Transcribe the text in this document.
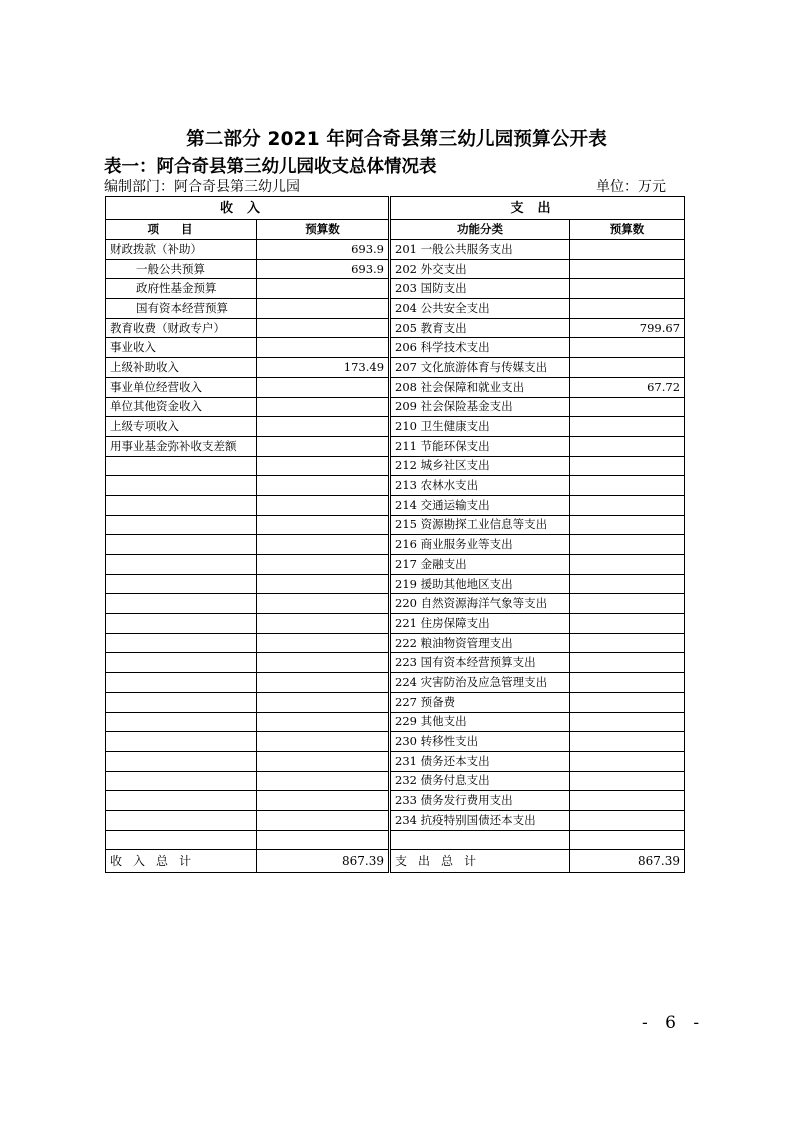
第二部分 2021 年阿合奇县第三幼儿园预算公开表
表一：阿合奇县第三幼儿园收支总体情况表
编制部门：阿合奇县第三幼儿园	单位：万元
收入		支出	
项目	预算数	功能分类	预算数
财政拨款（补助）	693.9	201 一般公共服务支出	
一般公共预算	693.9	202 外交支出	
政府性基金预算		203 国防支出	
国有资本经营预算		204 公共安全支出	
教育收费（财政专户）		205 教育支出	799.67
事业收入		206 科学技术支出	
上级补助收入	173.49	207 文化旅游体育与传媒支出	
事业单位经营收入		208 社会保障和就业支出	67.72
单位其他资金收入		209 社会保险基金支出	
上级专项收入		210 卫生健康支出	
用事业基金弥补收支差额		211 节能环保支出	
		212 城乡社区支出	
		213 农林水支出	
		214 交通运输支出	
		215 资源勘探工业信息等支出	
		216 商业服务业等支出	
		217 金融支出	
		219 援助其他地区支出	
		220 自然资源海洋气象等支出	
		221 住房保障支出	
		222 粮油物资管理支出	
		223 国有资本经营预算支出	
		224 灾害防治及应急管理支出	
		227 预备费	
		229 其他支出	
		230 转移性支出	
		231 债务还本支出	
		232 债务付息支出	
		233 债务发行费用支出	
		234 抗疫特别国债还本支出	

收入总计	867.39	支出总计	867.39
- 6 -
